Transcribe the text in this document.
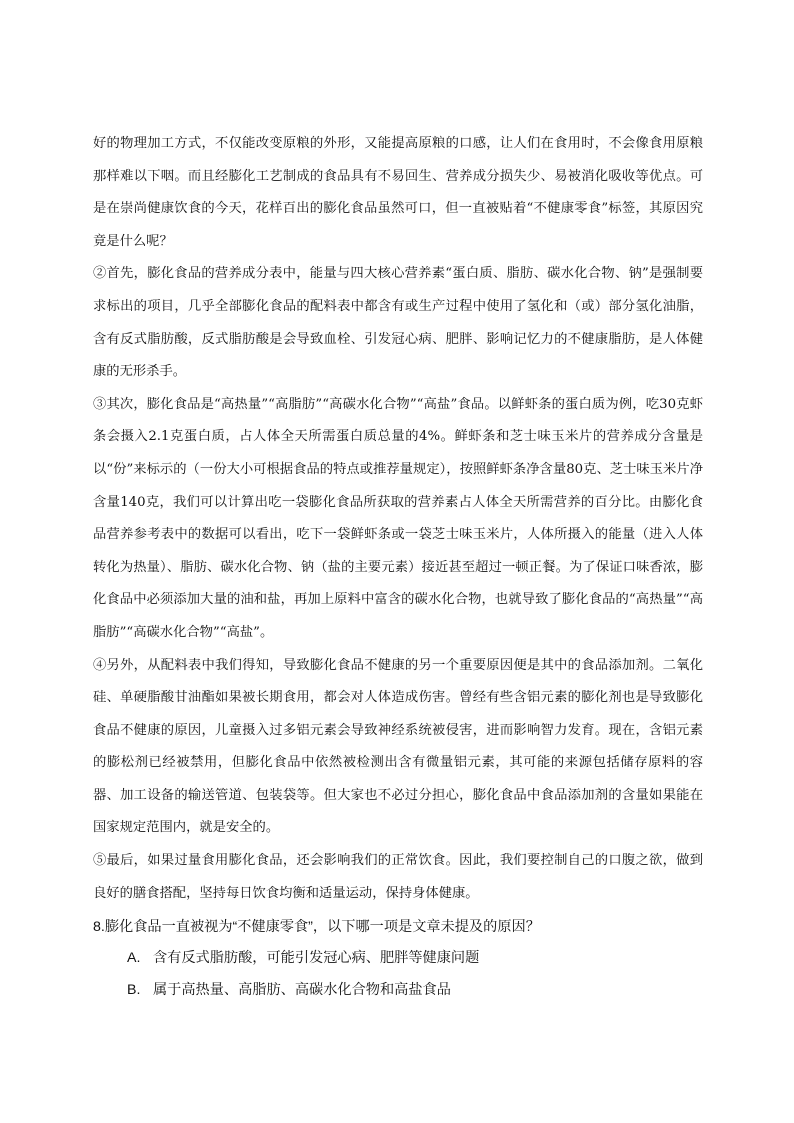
好的物理加工方式，不仅能改变原粮的外形，又能提高原粮的口感，让人们在食用时，不会像食用原粮那样难以下咽。而且经膨化工艺制成的食品具有不易回生、营养成分损失少、易被消化吸收等优点。可是在崇尚健康饮食的今天，花样百出的膨化食品虽然可口，但一直被贴着“不健康零食”标签，其原因究竟是什么呢？

②首先，膨化食品的营养成分表中，能量与四大核心营养素“蛋白质、脂肪、碳水化合物、钠”是强制要求标出的项目，几乎全部膨化食品的配料表中都含有或生产过程中使用了氢化和（或）部分氢化油脂，含有反式脂肪酸，反式脂肪酸是会导致血栓、引发冠心病、肥胖、影响记忆力的不健康脂肪，是人体健康的无形杀手。

③其次，膨化食品是“高热量”“高脂肪”“高碳水化合物”“高盐”食品。以鲜虾条的蛋白质为例，吃30克虾条会摄入2.1克蛋白质，占人体全天所需蛋白质总量的4%。鲜虾条和芝士味玉米片的营养成分含量是以“份”来标示的（一份大小可根据食品的特点或推荐量规定），按照鲜虾条净含量80克、芝士味玉米片净含量140克，我们可以计算出吃一袋膨化食品所获取的营养素占人体全天所需营养的百分比。由膨化食品营养参考表中的数据可以看出，吃下一袋鲜虾条或一袋芝士味玉米片，人体所摄入的能量（进入人体转化为热量）、脂肪、碳水化合物、钠（盐的主要元素）接近甚至超过一顿正餐。为了保证口味香浓，膨化食品中必须添加大量的油和盐，再加上原料中富含的碳水化合物，也就导致了膨化食品的“高热量”“高脂肪”“高碳水化合物”“高盐”。

④另外，从配料表中我们得知，导致膨化食品不健康的另一个重要原因便是其中的食品添加剂。二氧化硅、单硬脂酸甘油酯如果被长期食用，都会对人体造成伤害。曾经有些含铝元素的膨化剂也是导致膨化食品不健康的原因，儿童摄入过多铝元素会导致神经系统被侵害，进而影响智力发育。现在，含铝元素的膨松剂已经被禁用，但膨化食品中依然被检测出含有微量铝元素，其可能的来源包括储存原料的容器、加工设备的输送管道、包装袋等。但大家也不必过分担心，膨化食品中食品添加剂的含量如果能在国家规定范围内，就是安全的。

⑤最后，如果过量食用膨化食品，还会影响我们的正常饮食。因此，我们要控制自己的口腹之欲，做到良好的膳食搭配，坚持每日饮食均衡和适量运动，保持身体健康。

8.膨化食品一直被视为“不健康零食”，以下哪一项是文章未提及的原因？
A. 含有反式脂肪酸，可能引发冠心病、肥胖等健康问题
B. 属于高热量、高脂肪、高碳水化合物和高盐食品
